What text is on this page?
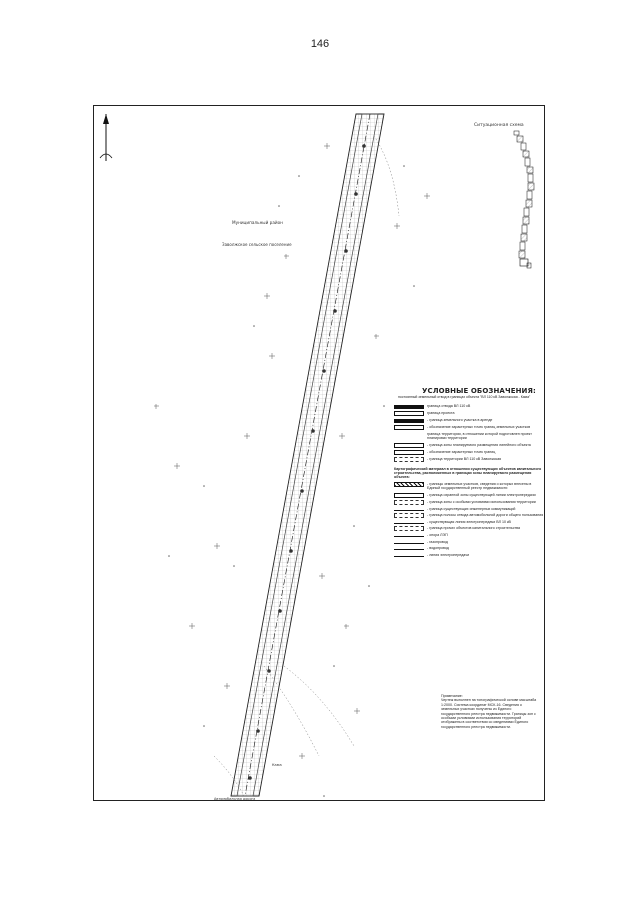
146
Ситуационная схема
Муниципальный район
Заволжское сельское поселение
Кама
Автомобильная дорога
УСЛОВНЫЕ ОБОЗНАЧЕНИЯ:
постоянный земельный отвод в границах объекта "ВЛ 110 кВ Заволжская - Кама"
граница отвода ВЛ 110 кВ
граница проекта
- граница земельного участка в аренде
- обозначение характерных точек границ земельных участков
граница территории, в отношении которой подготовлен проект планировки территории
- граница зоны планируемого размещения линейного объекта
- обозначение характерных точек границ
- граница территории ВЛ 110 кВ Заволжская
Картографический материал в отношении существующих объектов капитального строительства, расположенных в границах зоны планируемого размещения объекта:
- границы земельных участков, сведения о которых внесены в Единый государственный реестр недвижимости
- граница охранной зоны существующей линии электропередачи
- граница зоны с особыми условиями использования территории
- граница существующих инженерных коммуникаций
- граница полосы отвода автомобильной дороги общего пользования
- существующая линия электропередачи ВЛ 10 кВ
- граница прочих объектов капитального строительства
- опора ЛЭП
- газопровод
- водопровод
- линия электропередачи
Примечание:
Чертеж выполнен на топографической основе масштаба 1:2000. Система координат МСК-16. Сведения о земельных участках получены из Единого государственного реестра недвижимости. Границы зон с особыми условиями использования территорий отображены в соответствии со сведениями Единого государственного реестра недвижимости.
